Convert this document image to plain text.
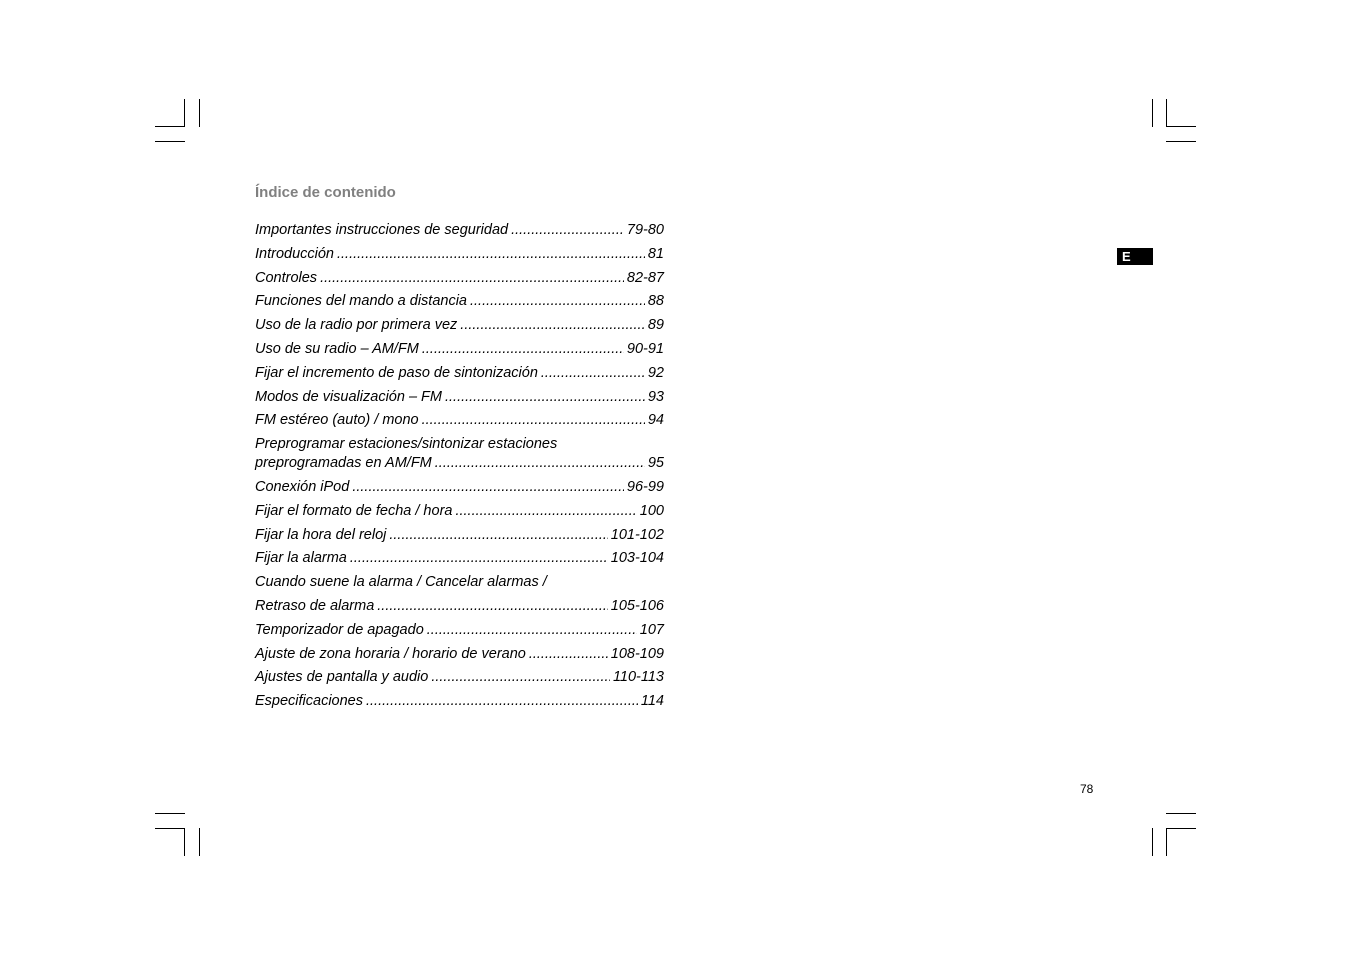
Índice de contenido
Importantes instrucciones de seguridad .....	79-80
Introducción .....	81
Controles .....	82-87
Funciones del mando a distancia .....	88
Uso de la radio por primera vez .....	89
Uso de su radio – AM/FM .....	90-91
Fijar el incremento de paso de sintonización .....	92
Modos de visualización – FM .....	93
FM estéreo (auto) / mono .....	94
Preprogramar estaciones/sintonizar estaciones
preprogramadas en AM/FM .....	95
Conexión iPod .....	96-99
Fijar el formato de fecha / hora .....	100
Fijar la hora del reloj .....	101-102
Fijar la alarma .....	103-104
Cuando suene la alarma / Cancelar alarmas /
Retraso de alarma .....	105-106
Temporizador de apagado .....	107
Ajuste de zona horaria / horario de verano .....	108-109
Ajustes de pantalla y audio .....	110-113
Especificaciones .....	114
E
78
